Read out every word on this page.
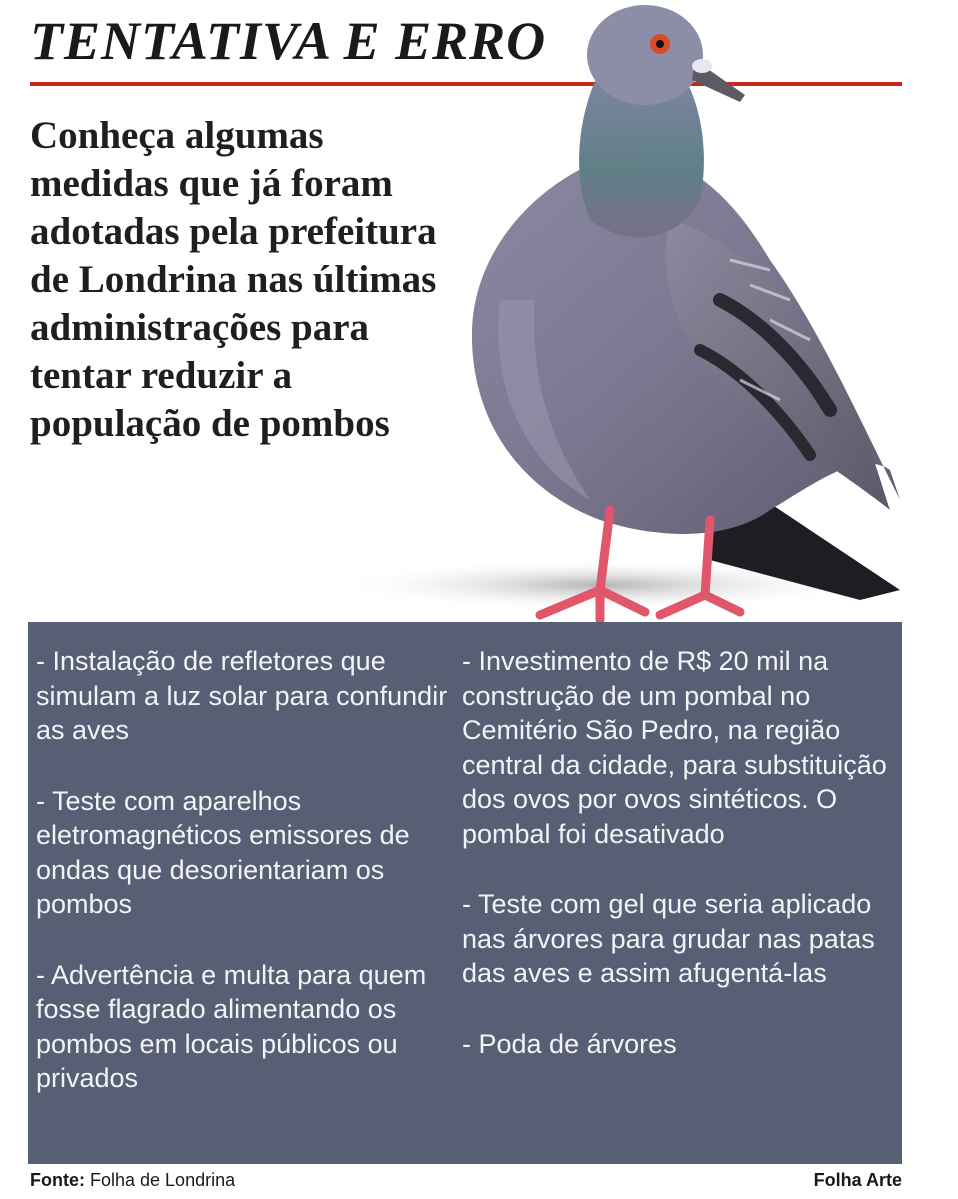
TENTATIVA E ERRO

Conheça algumas medidas que já foram adotadas pela prefeitura de Londrina nas últimas administrações para tentar reduzir a população de pombos

- Instalação de refletores que simulam a luz solar para confundir as aves

- Teste com aparelhos eletromagnéticos emissores de ondas que desorientariam os pombos

- Advertência e multa para quem fosse flagrado alimentando os pombos em locais públicos ou privados

- Investimento de R$ 20 mil na construção de um pombal no Cemitério São Pedro, na região central da cidade, para substituição dos ovos por ovos sintéticos. O pombal foi desativado

- Teste com gel que seria aplicado nas árvores para grudar nas patas das aves e assim afugentá-las

- Poda de árvores

Fonte: Folha de Londrina	Folha Arte
